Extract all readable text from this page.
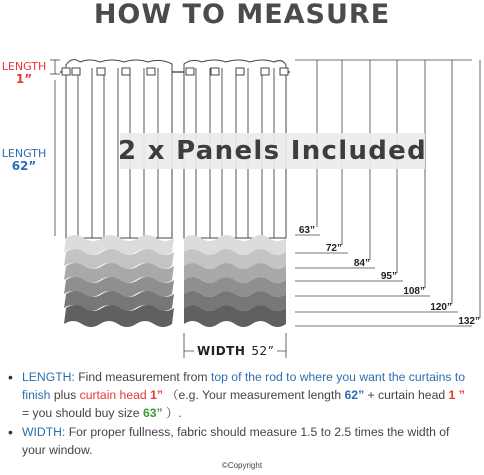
HOW TO MEASURE
63”
72”
84”
95”
108”
120”
132”
LENGTH
1”
LENGTH
62”	2 x Panels Included
WIDTH 52”
• LENGTH: Find measurement from top of the rod to where you want the curtains to finish plus curtain head 1” （e.g. Your measurement length 62” + curtain head 1 ” = you should buy size 63” ）.
• WIDTH: For proper fullness, fabric should measure 1.5 to 2.5 times the width of your window.
©Copyright
